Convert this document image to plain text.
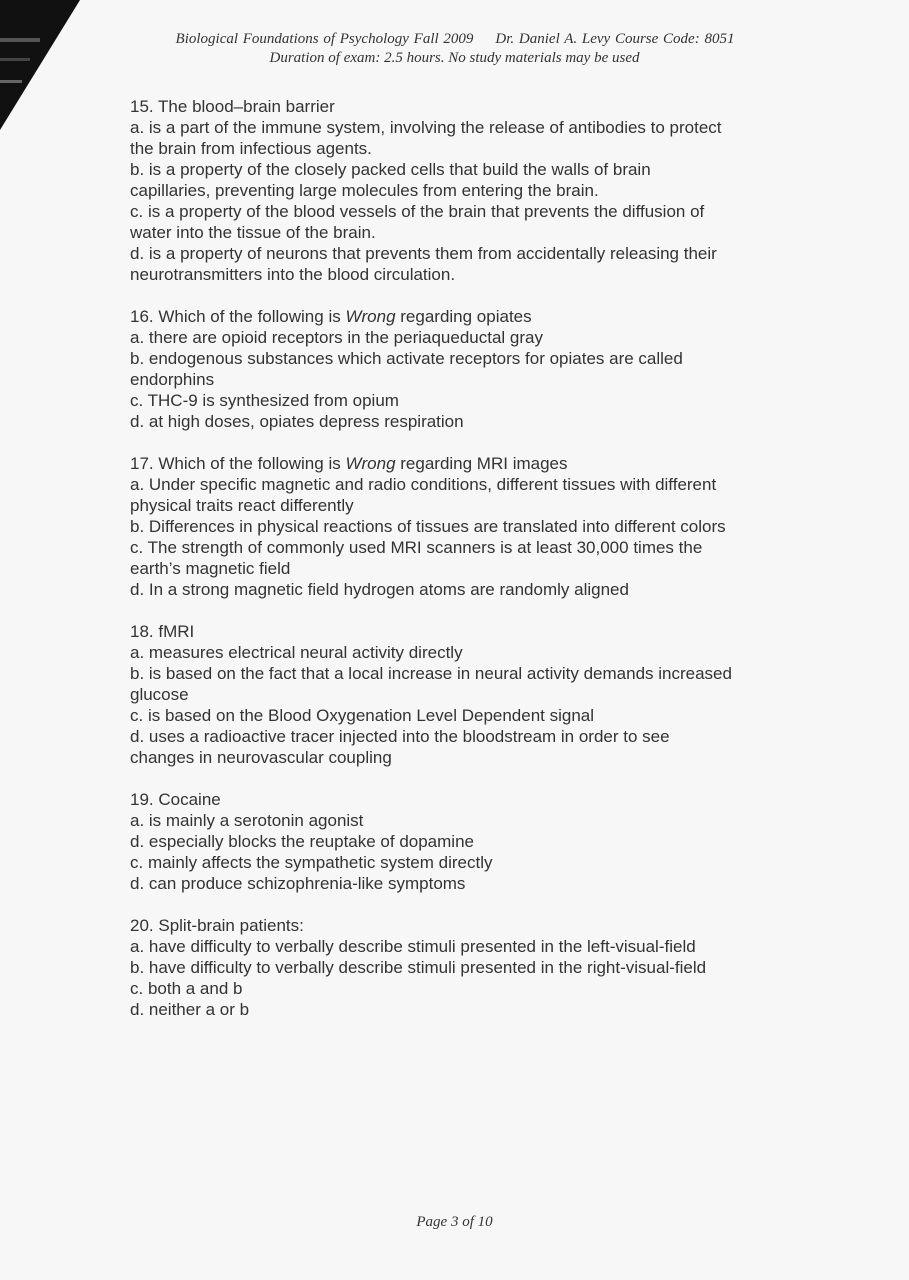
Biological Foundations of Psychology Fall 2009 Dr. Daniel A. Levy Course Code: 8051
Duration of exam: 2.5 hours. No study materials may be used
15. The blood–brain barrier
a. is a part of the immune system, involving the release of antibodies to protect
the brain from infectious agents.
b. is a property of the closely packed cells that build the walls of brain
capillaries, preventing large molecules from entering the brain.
c. is a property of the blood vessels of the brain that prevents the diffusion of
water into the tissue of the brain.
d. is a property of neurons that prevents them from accidentally releasing their
neurotransmitters into the blood circulation.
16. Which of the following is Wrong regarding opiates
a. there are opioid receptors in the periaqueductal gray
b. endogenous substances which activate receptors for opiates are called
endorphins
c. THC-9 is synthesized from opium
d. at high doses, opiates depress respiration
17. Which of the following is Wrong regarding MRI images
a. Under specific magnetic and radio conditions, different tissues with different
physical traits react differently
b. Differences in physical reactions of tissues are translated into different colors
c. The strength of commonly used MRI scanners is at least 30,000 times the
earth’s magnetic field
d. In a strong magnetic field hydrogen atoms are randomly aligned
18. fMRI
a. measures electrical neural activity directly
b. is based on the fact that a local increase in neural activity demands increased
glucose
c. is based on the Blood Oxygenation Level Dependent signal
d. uses a radioactive tracer injected into the bloodstream in order to see
changes in neurovascular coupling
19. Cocaine
a. is mainly a serotonin agonist
d. especially blocks the reuptake of dopamine
c. mainly affects the sympathetic system directly
d. can produce schizophrenia-like symptoms
20. Split-brain patients:
a. have difficulty to verbally describe stimuli presented in the left-visual-field
b. have difficulty to verbally describe stimuli presented in the right-visual-field
c. both a and b
d. neither a or b
Page 3 of 10
